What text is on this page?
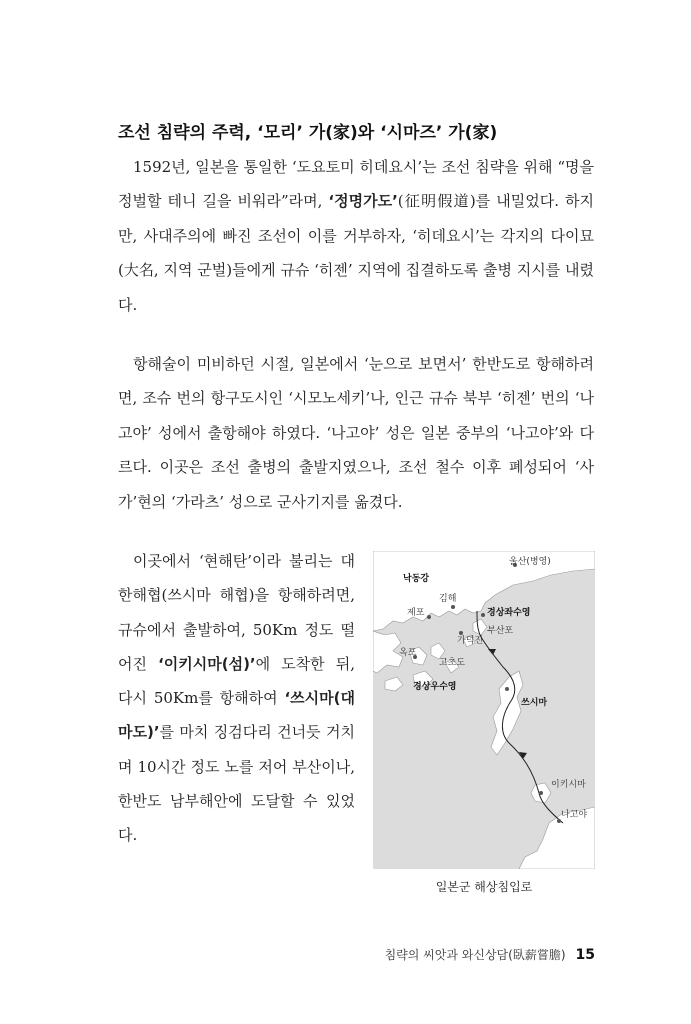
조선 침략의 주력, ‘모리’ 가(家)와 ‘시마즈’ 가(家)

1592년, 일본을 통일한 ‘도요토미 히데요시’는 조선 침략을 위해 “명을 정벌할 테니 길을 비워라”라며, ‘정명가도’(征明假道)를 내밀었다. 하지만, 사대주의에 빠진 조선이 이를 거부하자, ‘히데요시’는 각지의 다이묘(大名, 지역 군벌)들에게 규슈 ‘히젠’ 지역에 집결하도록 출병 지시를 내렸다.

항해술이 미비하던 시절, 일본에서 ‘눈으로 보면서’ 한반도로 항해하려면, 조슈 번의 항구도시인 ‘시모노세키’나, 인근 규슈 북부 ‘히젠’ 번의 ‘나고야’ 성에서 출항해야 하였다. ‘나고야’ 성은 일본 중부의 ‘나고야’와 다르다. 이곳은 조선 출병의 출발지였으나, 조선 철수 이후 폐성되어 ‘사가’현의 ‘가라츠’ 성으로 군사기지를 옮겼다.

이곳에서 ‘현해탄’이라 불리는 대한해협(쓰시마 해협)을 항해하려면, 규슈에서 출발하여, 50Km 정도 떨어진 ‘이키시마(섬)’에 도착한 뒤, 다시 50Km를 항해하여 ‘쓰시마(대마도)’를 마치 징검다리 건너듯 거치며 10시간 정도 노를 저어 부산이나, 한반도 남부해안에 도달할 수 있었다.

울산(병영)
낙동강
김해
제포	경상좌수영
부산포
가덕진
옥포
고초도
경상우수영
쓰시마
이키시마
나고야
일본군 해상침입로
침략의 씨앗과 와신상담(臥薪嘗膽) 15
